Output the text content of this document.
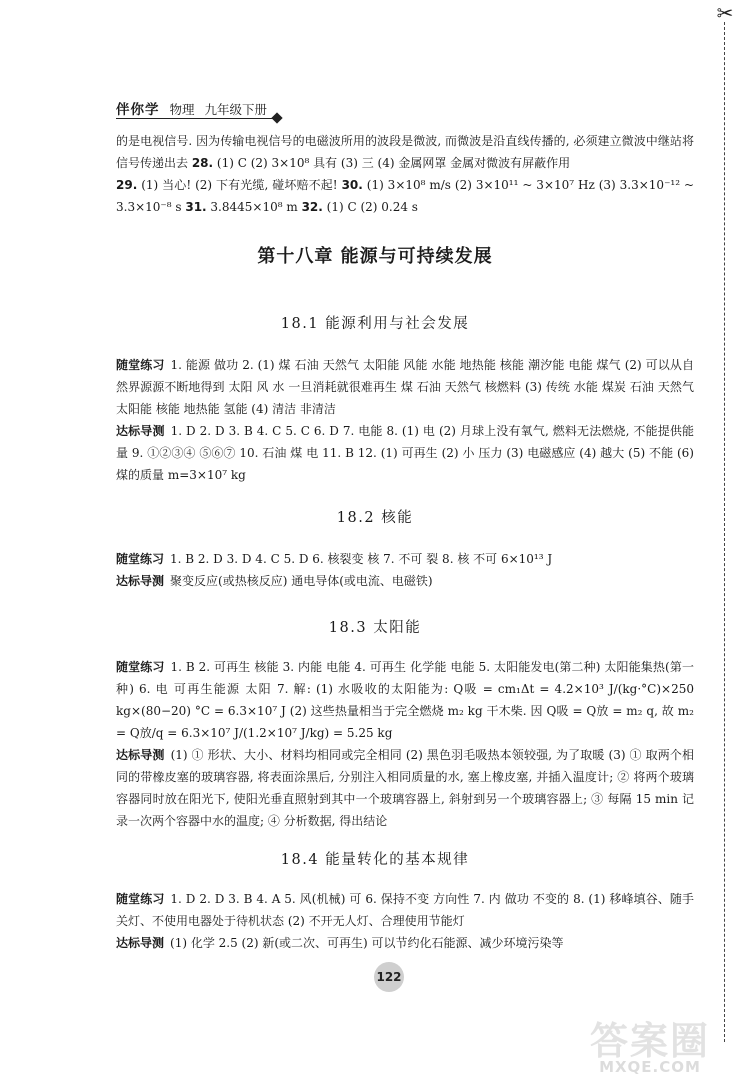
✂
伴你学 物理 九年级下册
的是电视信号. 因为传输电视信号的电磁波所用的波段是微波, 而微波是沿直线传播的, 必须建立微波中继站将信号传递出去 28. (1) C (2) 3×10⁸ 具有 (3) 三 (4) 金属网罩 金属对微波有屏蔽作用
29. (1) 当心! (2) 下有光缆, 碰坏赔不起! 30. (1) 3×10⁸ m/s (2) 3×10¹¹ ~ 3×10⁷ Hz (3) 3.3×10⁻¹² ~ 3.3×10⁻⁸ s 31. 3.8445×10⁸ m 32. (1) C (2) 0.24 s
第十八章 能源与可持续发展
18.1 能源利用与社会发展
随堂练习 1. 能源 做功 2. (1) 煤 石油 天然气 太阳能 风能 水能 地热能 核能 潮汐能 电能 煤气 (2) 可以从自然界源源不断地得到 太阳 风 水 一旦消耗就很难再生 煤 石油 天然气 核燃料 (3) 传统 水能 煤炭 石油 天然气 太阳能 核能 地热能 氢能 (4) 清洁 非清洁
达标导测 1. D 2. D 3. B 4. C 5. C 6. D 7. 电能 8. (1) 电 (2) 月球上没有氧气, 燃料无法燃烧, 不能提供能量 9. ①②③④ ⑤⑥⑦ 10. 石油 煤 电 11. B 12. (1) 可再生 (2) 小 压力 (3) 电磁感应 (4) 越大 (5) 不能 (6) 煤的质量 m=3×10⁷ kg
18.2 核能
随堂练习 1. B 2. D 3. D 4. C 5. D 6. 核裂变 核 7. 不可 裂 8. 核 不可 6×10¹³ J
达标导测 聚变反应(或热核反应) 通电导体(或电流、电磁铁)
18.3 太阳能
随堂练习 1. B 2. 可再生 核能 3. 内能 电能 4. 可再生 化学能 电能 5. 太阳能发电(第二种) 太阳能集热(第一种) 6. 电 可再生能源 太阳 7. 解: (1) 水吸收的太阳能为: Q吸 = cm₁Δt = 4.2×10³ J/(kg·°C)×250 kg×(80−20) °C = 6.3×10⁷ J (2) 这些热量相当于完全燃烧 m₂ kg 干木柴. 因 Q吸 = Q放 = m₂ q, 故 m₂ = Q放/q = 6.3×10⁷ J/(1.2×10⁷ J/kg) = 5.25 kg
达标导测 (1) ① 形状、大小、材料均相同或完全相同 (2) 黑色羽毛吸热本领较强, 为了取暖 (3) ① 取两个相同的带橡皮塞的玻璃容器, 将表面涂黑后, 分别注入相同质量的水, 塞上橡皮塞, 并插入温度计; ② 将两个玻璃容器同时放在阳光下, 使阳光垂直照射到其中一个玻璃容器上, 斜射到另一个玻璃容器上; ③ 每隔 15 min 记录一次两个容器中水的温度; ④ 分析数据, 得出结论
18.4 能量转化的基本规律
随堂练习 1. D 2. D 3. B 4. A 5. 风(机械) 可 6. 保持不变 方向性 7. 内 做功 不变的 8. (1) 移峰填谷、随手关灯、不使用电器处于待机状态 (2) 不开无人灯、合理使用节能灯
达标导测 (1) 化学 2.5 (2) 新(或二次、可再生) 可以节约化石能源、减少环境污染等
122
答案圈
MXQE.COM
